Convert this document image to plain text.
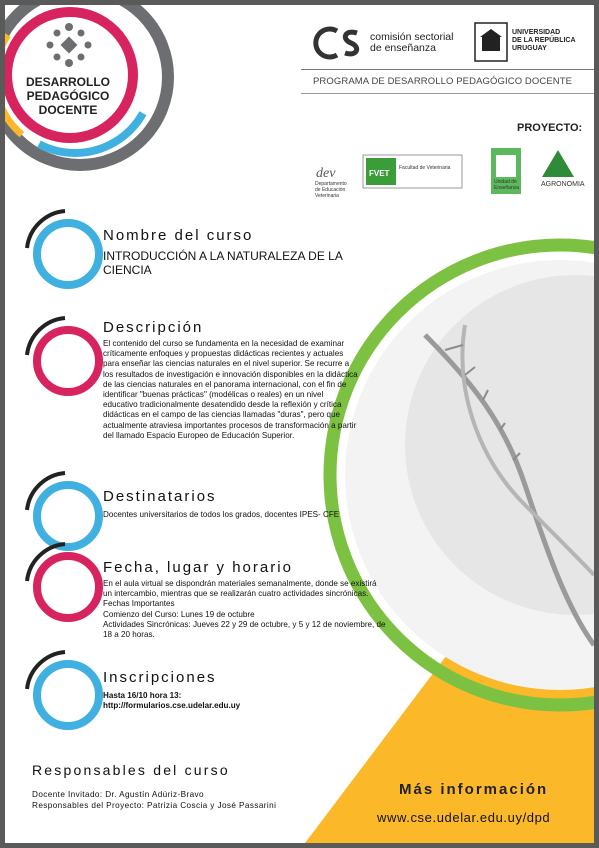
dev	FVET
DESARROLLO
PEDAGÓGICO
DOCENTE
comisión sectorial
de enseñanza
UNIVERSIDAD
DE LA REPÚBLICA
URUGUAY
PROGRAMA DE DESARROLLO PEDAGÓGICO DOCENTE
PROYECTO:
Departamento de Educación Veterinaria
Facultad de Veterinaria
Unidad de Enseñanza	AGRONOMIA
Nombre del curso
INTRODUCCIÓN A LA NATURALEZA DE LA
CIENCIA
Descripción
El contenido del curso se fundamenta en la necesidad de examinar
críticamente enfoques y propuestas didácticas recientes y actuales
para enseñar las ciencias naturales en el nivel superior. Se recurre a
los resultados de investigación e innovación disponibles en la didáctica
de las ciencias naturales en el panorama internacional, con el fin de
identificar "buenas prácticas" (modélicas o reales) en un nivel
educativo tradicionalmente desatendido desde la reflexión y crítica
didácticas en el campo de las ciencias llamadas "duras", pero que
actualmente atraviesa importantes procesos de transformación a partir
del llamado Espacio Europeo de Educación Superior.
Destinatarios
Docentes universitarios de todos los grados, docentes IPES- CFE
Fecha, lugar y horario
En el aula virtual se dispondrán materiales semanalmente, donde se existirá
un intercambio, mientras que se realizarán cuatro actividades sincrónicas.
Fechas Importantes
Comienzo del Curso: Lunes 19 de octubre
Actividades Sincrónicas: Jueves 22 y 29 de octubre, y 5 y 12 de noviembre, de
18 a 20 horas.
Inscripciones
Hasta 16/10 hora 13:
http://formularios.cse.udelar.edu.uy
Responsables del curso
Docente Invitado: Dr. Agustín Adúriz-Bravo
Responsables del Proyecto: Patrizia Coscia y José Passarini
Más información
www.cse.udelar.edu.uy/dpd
